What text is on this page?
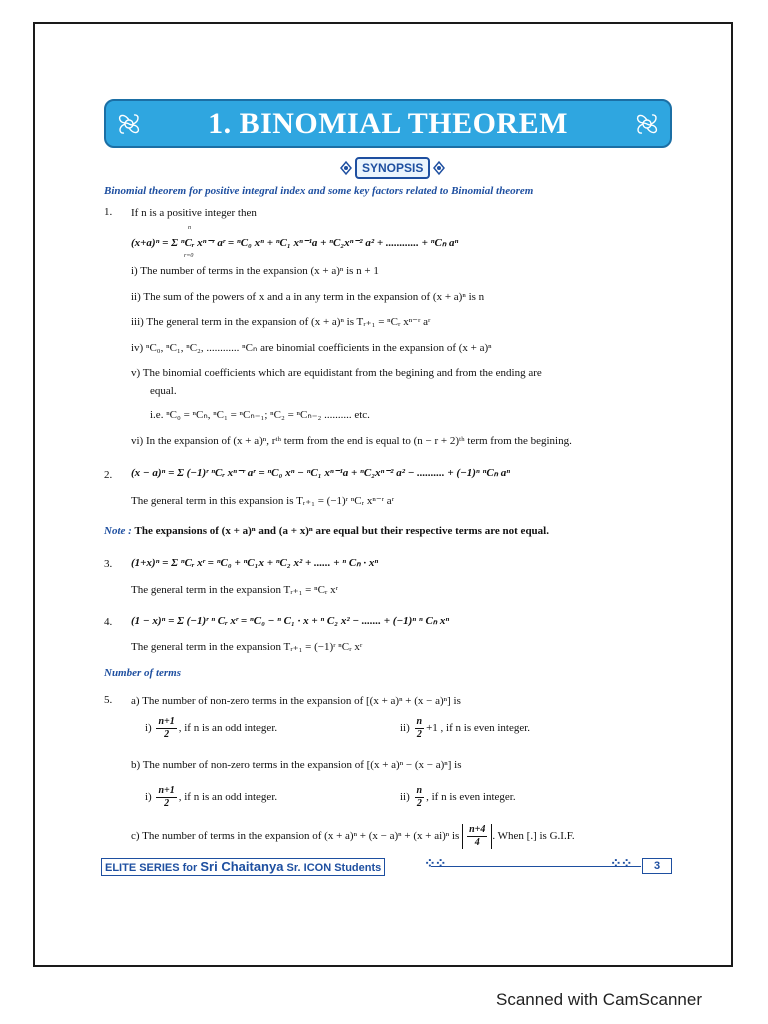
1. BINOMIAL THEOREM
SYNOPSIS
Binomial theorem for positive integral index and some key factors related to Binomial theorem
1. If n is a positive integer then
n
(x+a)ⁿ = Σ ⁿCᵣ xⁿ⁻ʳ aʳ = ⁿC₀ xⁿ + ⁿC₁ xⁿ⁻¹a + ⁿC₂xⁿ⁻² a² + ............ + ⁿCₙ aⁿ
r=0
i) The number of terms in the expansion (x + a)ⁿ is n + 1
ii) The sum of the powers of x and a in any term in the expansion of (x + a)ⁿ is n
iii) The general term in the expansion of (x + a)ⁿ is Tᵣ₊₁ = ⁿCᵣ xⁿ⁻ʳ aʳ
iv) ⁿC₀, ⁿC₁, ⁿC₂, ............ ⁿCₙ are binomial coefficients in the expansion of (x + a)ⁿ
v) The binomial coefficients which are equidistant from the begining and from the ending are
equal.
i.e. ⁿC₀ = ⁿCₙ, ⁿC₁ = ⁿCₙ₋₁; ⁿC₂ = ⁿCₙ₋₂ .......... etc.
vi) In the expansion of (x + a)ⁿ, rᵗʰ term from the end is equal to (n − r + 2)ᵗʰ term from the begining.
2. (x − a)ⁿ = Σ (−1)ʳ ⁿCᵣ xⁿ⁻ʳ aʳ = ⁿC₀ xⁿ − ⁿC₁ xⁿ⁻¹a + ⁿC₂xⁿ⁻² a² − .......... + (−1)ⁿ ⁿCₙ aⁿ
The general term in this expansion is Tᵣ₊₁ = (−1)ʳ ⁿCᵣ xⁿ⁻ʳ aʳ
Note : The expansions of (x + a)ⁿ and (a + x)ⁿ are equal but their respective terms are not equal.
3. (1+x)ⁿ = Σ ⁿCᵣ xʳ = ⁿC₀ + ⁿC₁x + ⁿC₂ x² + ...... + ⁿ Cₙ · xⁿ
The general term in the expansion Tᵣ₊₁ = ⁿCᵣ xʳ
4. (1 − x)ⁿ = Σ (−1)ʳ ⁿ Cᵣ xʳ = ⁿC₀ − ⁿ C₁ · x + ⁿ C₂ x² − ....... + (−1)ⁿ ⁿ Cₙ xⁿ
The general term in the expansion Tᵣ₊₁ = (−1)ʳ ⁿCᵣ xʳ
Number of terms
5. a) The number of non-zero terms in the expansion of [(x + a)ⁿ + (x − a)ⁿ] is
$i) \frac{n+1}{2}$ , if n is an odd integer.	$ii) \frac{n}{2} +1$ , if n is even integer.
b) The number of non-zero terms in the expansion of [(x + a)ⁿ − (x − a)ⁿ] is
$i) \frac{n+1}{2}$ , if n is an odd integer.	$ii) \frac{n}{2}$ , if n is even integer.
c) The number of terms in the expansion of (x + a)ⁿ + (x − a)ⁿ + (x + ai)ⁿ is $\frac{n+4}{4}$ . When [.] is G.I.F.
ELITE SERIES for Sri Chaitanya Sr. ICON Students	⁘⁘	⁘⁘	3
Scanned with CamScanner
